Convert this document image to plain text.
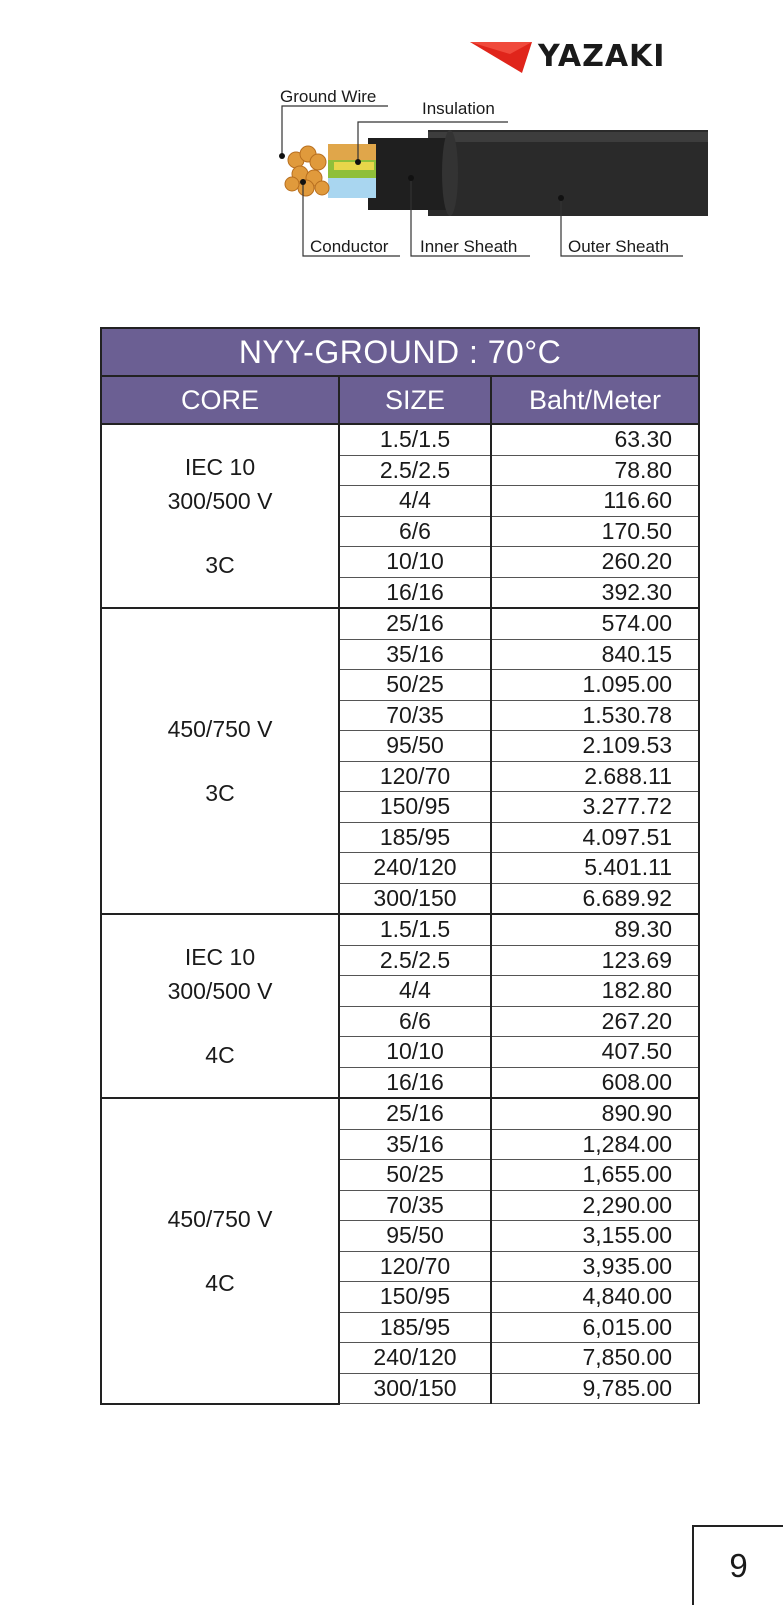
YAZAKI
Ground Wire
Insulation
Conductor Inner Sheath	Outer Sheath
NYY-GROUND : 70°C		
CORE	SIZE	Baht/Meter

IEC 10
300/500 V
3C	1.5/1.5	63.30
	2.5/2.5	78.80
	4/4	116.60
	6/6	170.50
	10/10	260.20
	16/16	392.30

450/750 V
3C	25/16	574.00
	35/16	840.15
	50/25	1.095.00
	70/35	1.530.78
	95/50	2.109.53
	120/70	2.688.11
	150/95	3.277.72
	185/95	4.097.51
	240/120	5.401.11
	300/150	6.689.92

IEC 10
300/500 V
4C	1.5/1.5	89.30
	2.5/2.5	123.69
	4/4	182.80
	6/6	267.20
	10/10	407.50
	16/16	608.00

450/750 V
4C	25/16	890.90
	35/16	1,284.00
	50/25	1,655.00
	70/35	2,290.00
	95/50	3,155.00
	120/70	3,935.00
	150/95	4,840.00
	185/95	6,015.00
	240/120	7,850.00
	300/150	9,785.00
9
